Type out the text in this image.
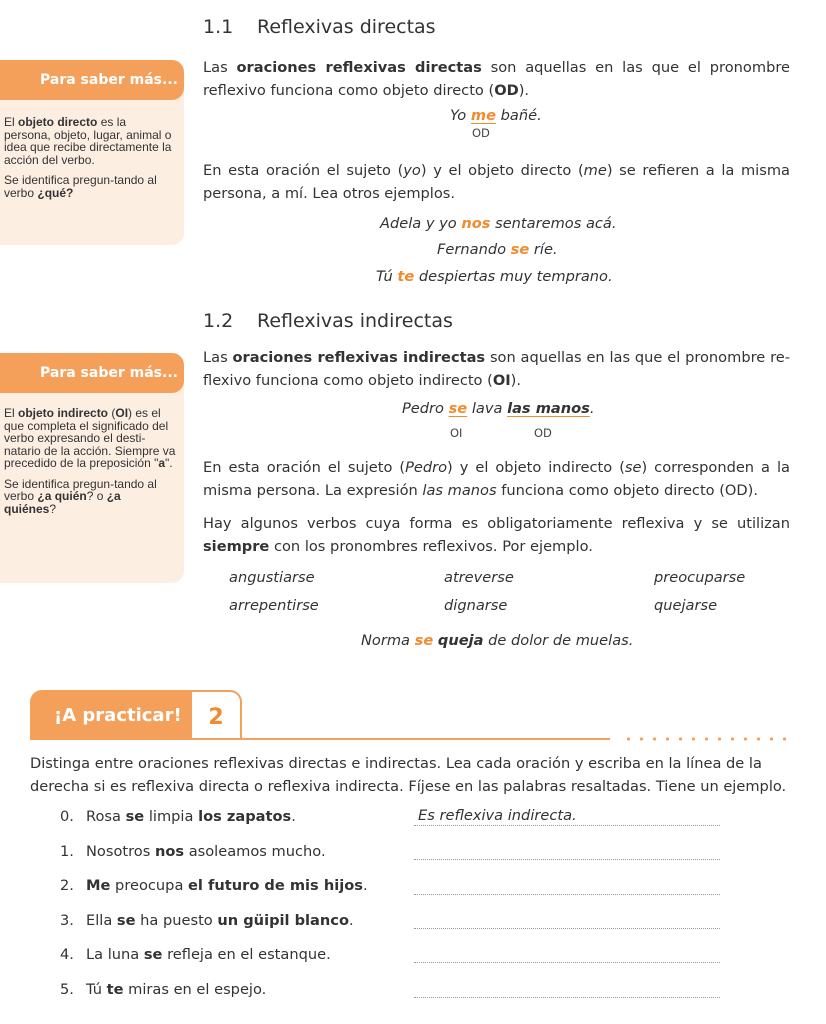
1.1 Reflexivas directas
Las oraciones reflexivas directas son aquellas en las que el pronombre reflexivo funciona como objeto directo (OD).
Yo me bañé.
OD
En esta oración el sujeto (yo) y el objeto directo (me) se refieren a la misma persona, a mí. Lea otros ejemplos.
Adela y yo nos sentaremos acá.
Fernando se ríe.
Tú te despiertas muy temprano.
Para saber más...

El objeto directo es la persona, objeto, lugar, animal o idea que recibe directamente la acción del verbo.

Se identifica pregun-tando al verbo ¿qué?

1.2 Reflexivas indirectas
Las oraciones reflexivas indirectas son aquellas en las que el pronombre re-flexivo funciona como objeto indirecto (OI).
Pedro se lava las manos.
OI	OD
En esta oración el sujeto (Pedro) y el objeto indirecto (se) corresponden a la misma persona. La expresión las manos funciona como objeto directo (OD).
Hay algunos verbos cuya forma es obligatoriamente reflexiva y se utilizan siempre con los pronombres reflexivos. Por ejemplo.
angustiarse	atreverse	preocuparse
arrepentirse	dignarse	quejarse
Norma se queja de dolor de muelas.
Para saber más...

El objeto indirecto (OI) es el que completa el significado del verbo expresando el desti-natario de la acción. Siempre va precedido de la preposición "a".

Se identifica pregun-tando al verbo ¿a quién? o ¿a quiénes?

¡A practicar!	2
Distinga entre oraciones reflexivas directas e indirectas. Lea cada oración y escriba en la línea de la derecha si es reflexiva directa o reflexiva indirecta. Fíjese en las palabras resaltadas. Tiene un ejemplo.
0. Rosa se limpia los zapatos.	Es reflexiva indirecta.
1. Nosotros nos asoleamos mucho.
2. Me preocupa el futuro de mis hijos.
3. Ella se ha puesto un güipil blanco.
4. La luna se refleja en el estanque.
5. Tú te miras en el espejo.
